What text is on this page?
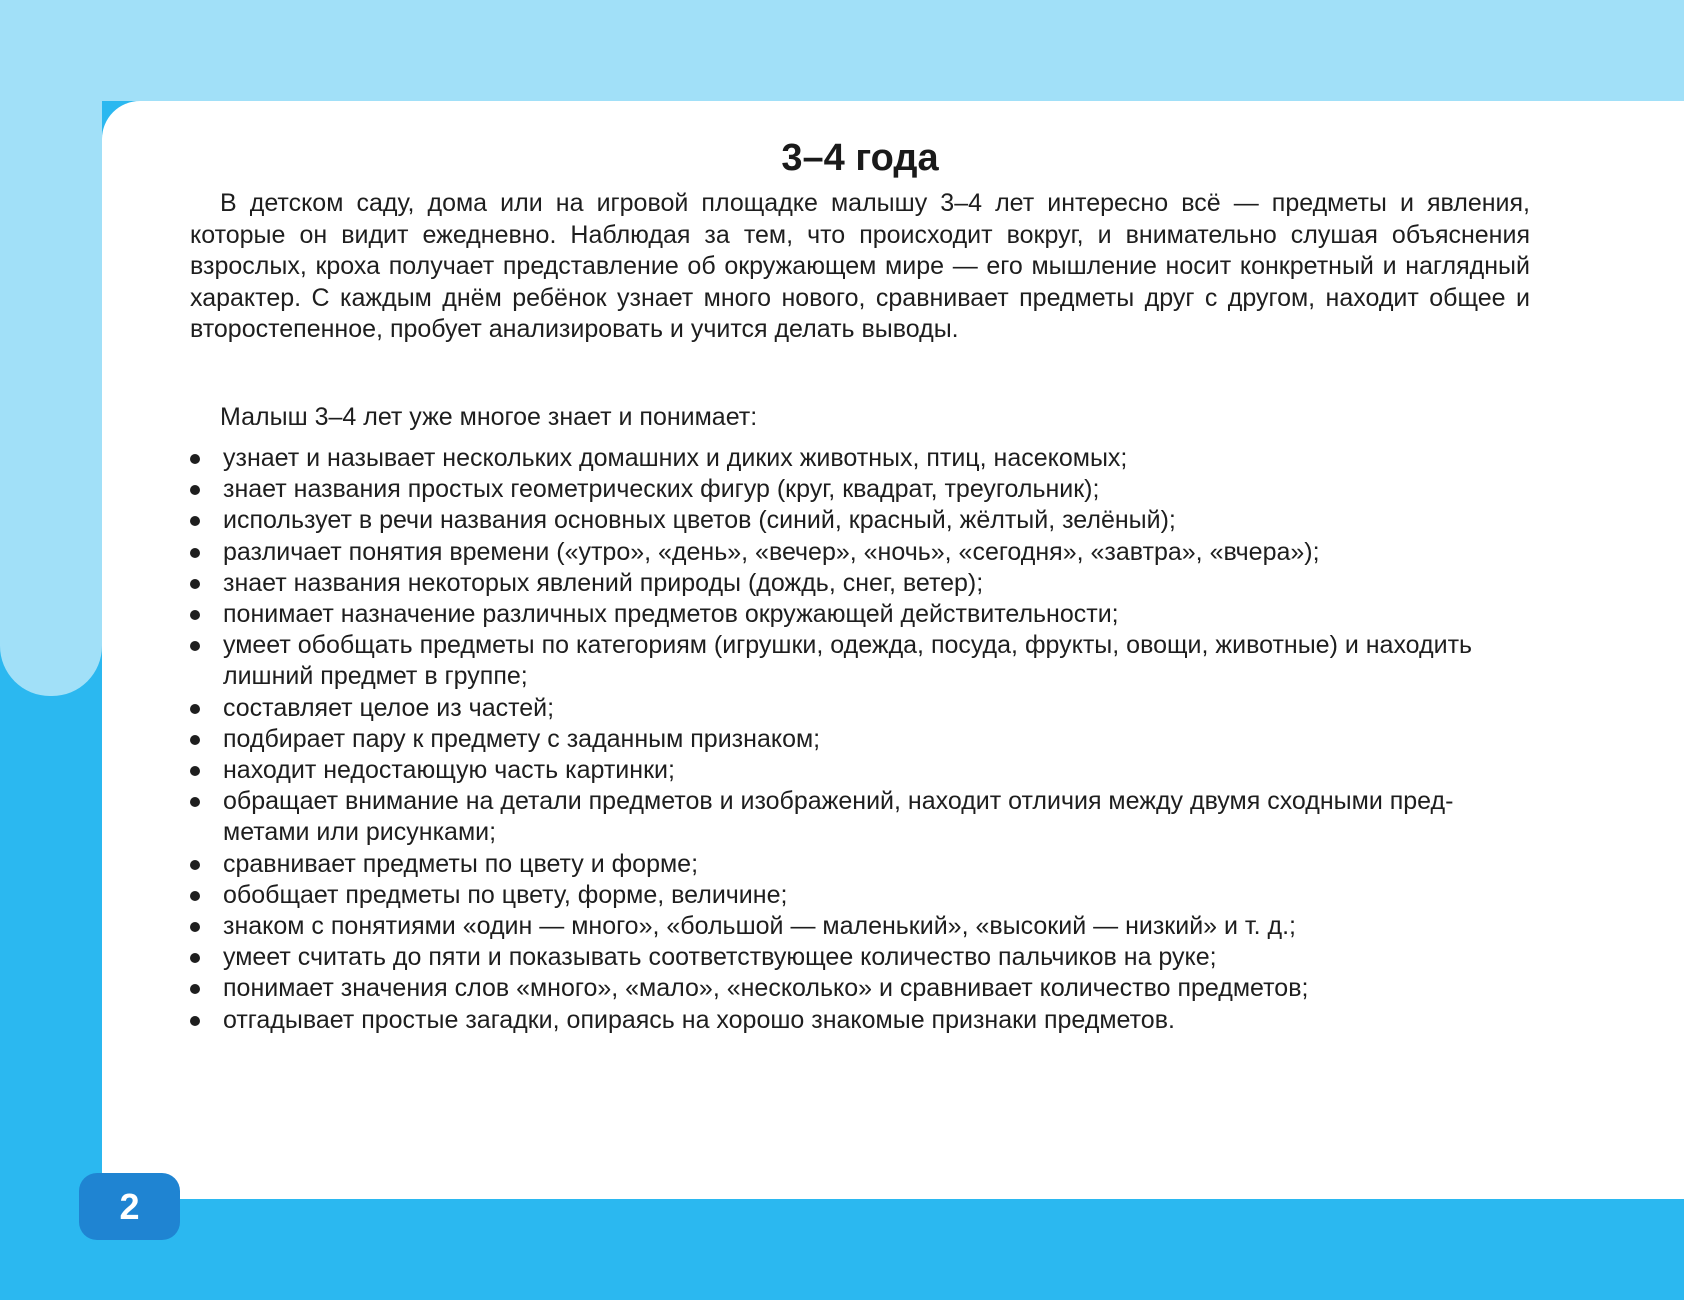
3–4 года

В детском саду, дома или на игровой площадке малышу 3–4 лет интересно всё — предметы и явления, которые он видит ежедневно. Наблюдая за тем, что происходит вокруг, и внимательно слушая объяснения взрослых, кроха получает представление об окружающем мире — его мышление носит конкретный и наглядный характер. С каждым днём ребёнок узнает много нового, сравнивает предметы друг с другом, находит общее и второстепенное, пробует анализировать и учится делать выводы.

Малыш 3–4 лет уже многое знает и понимает:

узнает и называет нескольких домашних и диких животных, птиц, насекомых;
знает названия простых геометрических фигур (круг, квадрат, треугольник);
использует в речи названия основных цветов (синий, красный, жёлтый, зелёный);
различает понятия времени («утро», «день», «вечер», «ночь», «сегодня», «завтра», «вчера»);
знает названия некоторых явлений природы (дождь, снег, ветер);
понимает назначение различных предметов окружающей действительности;
умеет обобщать предметы по категориям (игрушки, одежда, посуда, фрукты, овощи, животные) и находить лишний предмет в группе;
составляет целое из частей;
подбирает пару к предмету с заданным признаком;
находит недостающую часть картинки;
обращает внимание на детали предметов и изображений, находит отличия между двумя сходными предметами или рисунками;
сравнивает предметы по цвету и форме;
обобщает предметы по цвету, форме, величине;
знаком с понятиями «один — много», «большой — маленький», «высокий — низкий» и т. д.;
умеет считать до пяти и показывать соответствующее количество пальчиков на руке;
понимает значения слов «много», «мало», «несколько» и сравнивает количество предметов;
отгадывает простые загадки, опираясь на хорошо знакомые признаки предметов.
2
